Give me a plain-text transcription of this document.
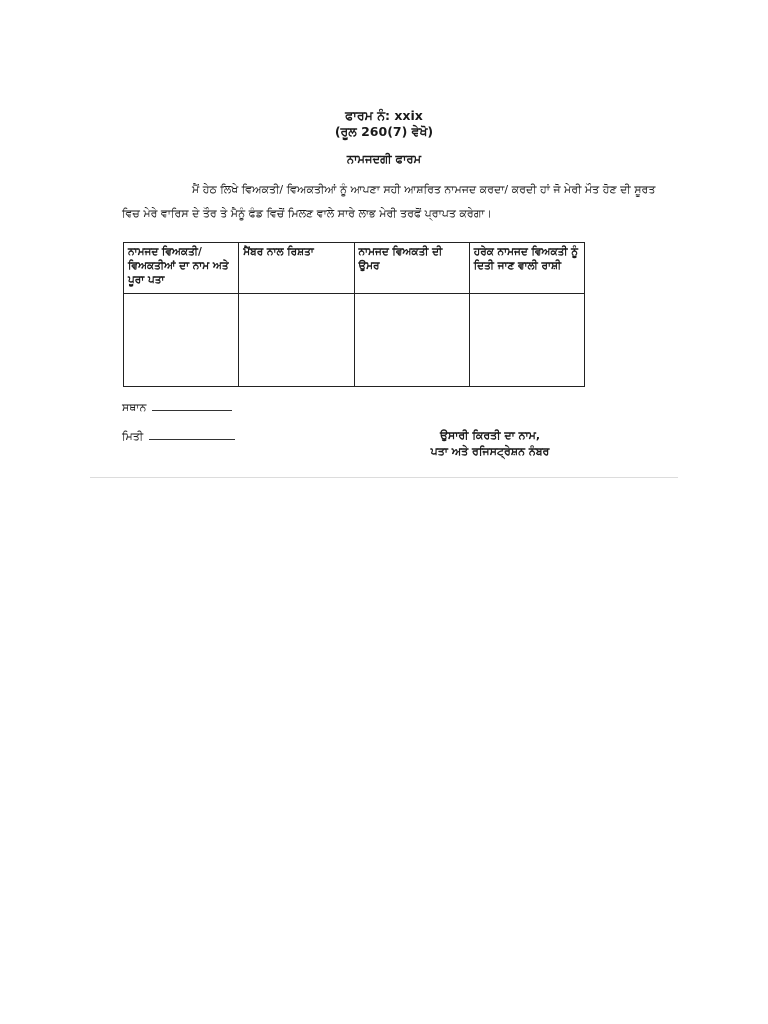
ਫਾਰਮ ਨੰ: xxix
(ਰੂਲ 260(7) ਵੇਖੋ)
ਨਾਮਜਦਗੀ ਫਾਰਮ
ਮੈਂ ਹੇਠ ਲਿਖੇ ਵਿਅਕਤੀ/ ਵਿਅਕਤੀਆਂ ਨੂੰ ਆਪਣਾ ਸਹੀ ਆਸ਼ਰਿਤ ਨਾਮਜਦ ਕਰਦਾ/ ਕਰਦੀ ਹਾਂ ਜੋ ਮੇਰੀ ਮੌਤ ਹੋਣ ਦੀ ਸੂਰਤ
ਵਿਚ ਮੇਰੇ ਵਾਰਿਸ ਦੇ ਤੌਰ ਤੇ ਮੈਨੂੰ ਫੰਡ ਵਿਚੋਂ ਮਿਲਣ ਵਾਲੇ ਸਾਰੇ ਲਾਭ ਮੇਰੀ ਤਰਫੋਂ ਪ੍ਰਾਪਤ ਕਰੇਗਾ।
ਨਾਮਜਦ ਵਿਅਕਤੀ/ ਵਿਅਕਤੀਆਂ ਦਾ ਨਾਮ ਅਤੇ ਪੂਰਾ ਪਤਾ	ਮੈਂਬਰ ਨਾਲ ਰਿਸ਼ਤਾ	ਨਾਮਜਦ ਵਿਅਕਤੀ ਦੀ ਉਮਰ	ਹਰੇਕ ਨਾਮਜਦ ਵਿਅਕਤੀ ਨੂੰ ਦਿਤੀ ਜਾਣ ਵਾਲੀ ਰਾਸ਼ੀ

ਸਥਾਨ
ਮਿਤੀ	ਉਸਾਰੀ ਕਿਰਤੀ ਦਾ ਨਾਮ,
ਪਤਾ ਅਤੇ ਰਜਿਸਟ੍ਰੇਸ਼ਨ ਨੰਬਰ
